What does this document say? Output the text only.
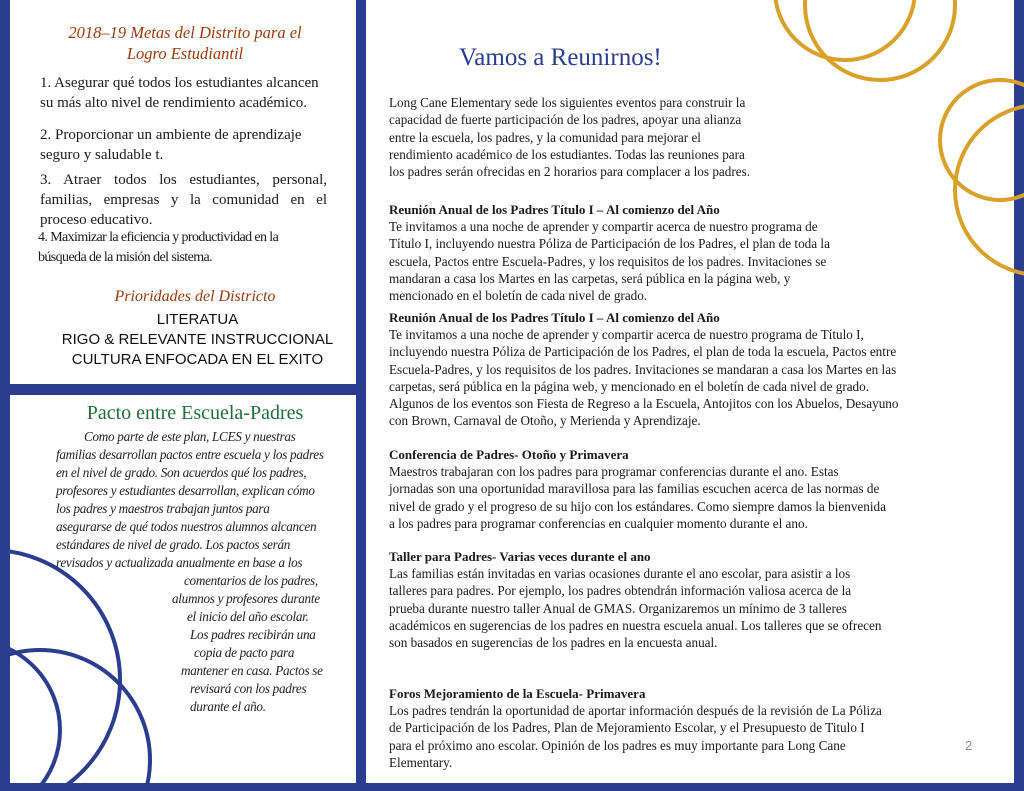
2018–19 Metas del Distrito para el
Logro Estudiantil
1. Asegurar qué todos los estudiantes alcancen
su más alto nivel de rendimiento académico.
2. Proporcionar un ambiente de aprendizaje
seguro y saludable t.
3. Atraer todos los estudiantes, personal, familias, empresas y la comunidad en el proceso educativo.
4. Maximizar la eficiencia y productividad en la
búsqueda de la misión del sistema.
Prioridades del Districto
LITERATUA
RIGO & RELEVANTE INSTRUCCIONAL
CULTURA ENFOCADA EN EL EXITO
Pacto entre Escuela-Padres
Como parte de este plan, LCES y nuestras
familias desarrollan pactos entre escuela y los padres
en el nivel de grado. Son acuerdos qué los padres,
profesores y estudiantes desarrollan, explican cómo
los padres y maestros trabajan juntos para
asegurarse de qué todos nuestros alumnos alcancen
estándares de nivel de grado. Los pactos serán
revisados y actualizada anualmente en base a los
comentarios de los padres,
alumnos y profesores durante
el inicio del año escolar.
Los padres recibirán una
copia de pacto para
mantener en casa. Pactos se
revisará con los padres
durante el año.
Vamos a Reunirnos!
Long Cane Elementary sede los siguientes eventos para construir la
capacidad de fuerte participación de los padres, apoyar una alianza
entre la escuela, los padres, y la comunidad para mejorar el
rendimiento académico de los estudiantes. Todas las reuniones para
los padres serán ofrecidas en 2 horarios para complacer a los padres.
Reunión Anual de los Padres Título I – Al comienzo del Año
Te invitamos a una noche de aprender y compartir acerca de nuestro programa de
Título I, incluyendo nuestra Póliza de Participación de los Padres, el plan de toda la
escuela, Pactos entre Escuela-Padres, y los requisitos de los padres. Invitaciones se
mandaran a casa los Martes en las carpetas, será pública en la página web, y
mencionado en el boletín de cada nivel de grado.
Reunión Anual de los Padres Título I – Al comienzo del Año
Te invitamos a una noche de aprender y compartir acerca de nuestro programa de Título I,
incluyendo nuestra Póliza de Participación de los Padres, el plan de toda la escuela, Pactos entre
Escuela-Padres, y los requisitos de los padres. Invitaciones se mandaran a casa los Martes en las
carpetas, será pública en la página web, y mencionado en el boletín de cada nivel de grado.
Algunos de los eventos son Fiesta de Regreso a la Escuela, Antojitos con los Abuelos, Desayuno
con Brown, Carnaval de Otoño, y Merienda y Aprendizaje.
Conferencia de Padres- Otoño y Primavera
Maestros trabajaran con los padres para programar conferencias durante el ano. Estas
jornadas son una oportunidad maravillosa para las familias escuchen acerca de las normas de
nivel de grado y el progreso de su hijo con los estándares. Como siempre damos la bienvenida
a los padres para programar conferencias en cualquier momento durante el ano.
Taller para Padres- Varias veces durante el ano
Las familias están invitadas en varias ocasiones durante el ano escolar, para asistir a los
talleres para padres. Por ejemplo, los padres obtendrán información valiosa acerca de la
prueba durante nuestro taller Anual de GMAS. Organizaremos un mínimo de 3 talleres
académicos en sugerencias de los padres en nuestra escuela anual. Los talleres que se ofrecen
son basados en sugerencias de los padres en la encuesta anual.
Foros Mejoramiento de la Escuela- Primavera
Los padres tendrán la oportunidad de aportar información después de la revisión de La Póliza
de Participación de los Padres, Plan de Mejoramiento Escolar, y el Presupuesto de Titulo I
para el próximo ano escolar. Opinión de los padres es muy importante para Long Cane
Elementary.
2
